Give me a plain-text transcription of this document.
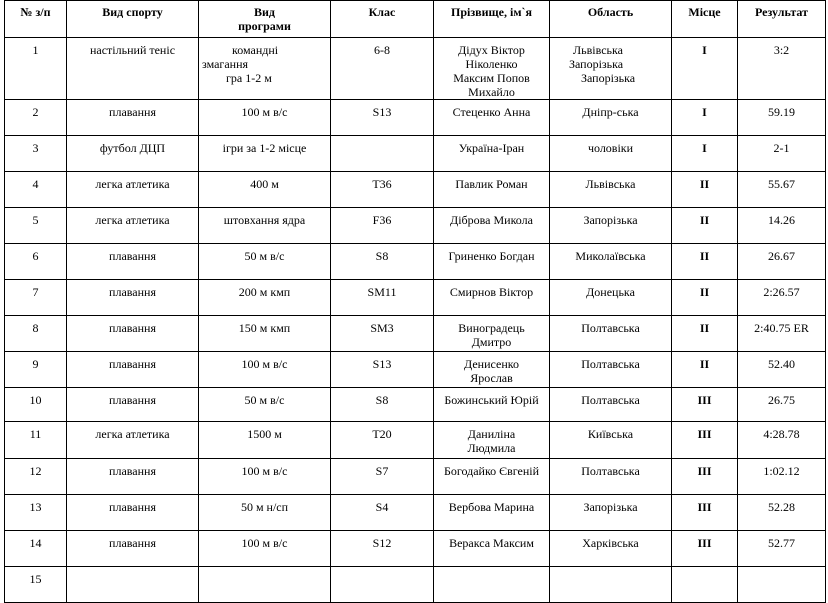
№ з/п	Вид спорту	Вид
програми	Клас	Прізвище, ім`я	Область	Місце	Результат
1	настільний теніс	командні
змагання
гра 1-2 м	6-8	Дідух Віктор
Ніколенко
Максим Попов
Михайло	Львівська
Запорізька
Запорізька	І	3:2
2	плавання	100 м в/с	S13	Стеценко Анна	Дніпр-ська	І	59.19
3	футбол ДЦП	ігри за 1-2 місце		Україна-Іран	чоловіки	І	2-1
4	легка атлетика	400 м	Т36	Павлик Роман	Львівська	ІІ	55.67
5	легка атлетика	штовхання ядра	F36	Діброва Микола	Запорізька	ІІ	14.26
6	плавання	50 м в/с	S8	Гриненко Богдан	Миколаївська	ІІ	26.67
7	плавання	200 м кмп	SM11	Смирнов Віктор	Донецька	ІІ	2:26.57
8	плавання	150 м кмп	SM3	Виноградець
Дмитро	Полтавська	ІІ	2:40.75 ER
9	плавання	100 м в/с	S13	Денисенко
Ярослав	Полтавська	ІІ	52.40
10	плавання	50 м в/с	S8	Божинський Юрій	Полтавська	ІІІ	26.75
11	легка атлетика	1500 м	Т20	Даниліна
Людмила	Київська	ІІІ	4:28.78
12	плавання	100 м в/с	S7	Богодайко Євгеній	Полтавська	ІІІ	1:02.12
13	плавання	50 м н/сп	S4	Вербова Марина	Запорізька	ІІІ	52.28
14	плавання	100 м в/с	S12	Веракса Максим	Харківська	ІІІ	52.77
15							
